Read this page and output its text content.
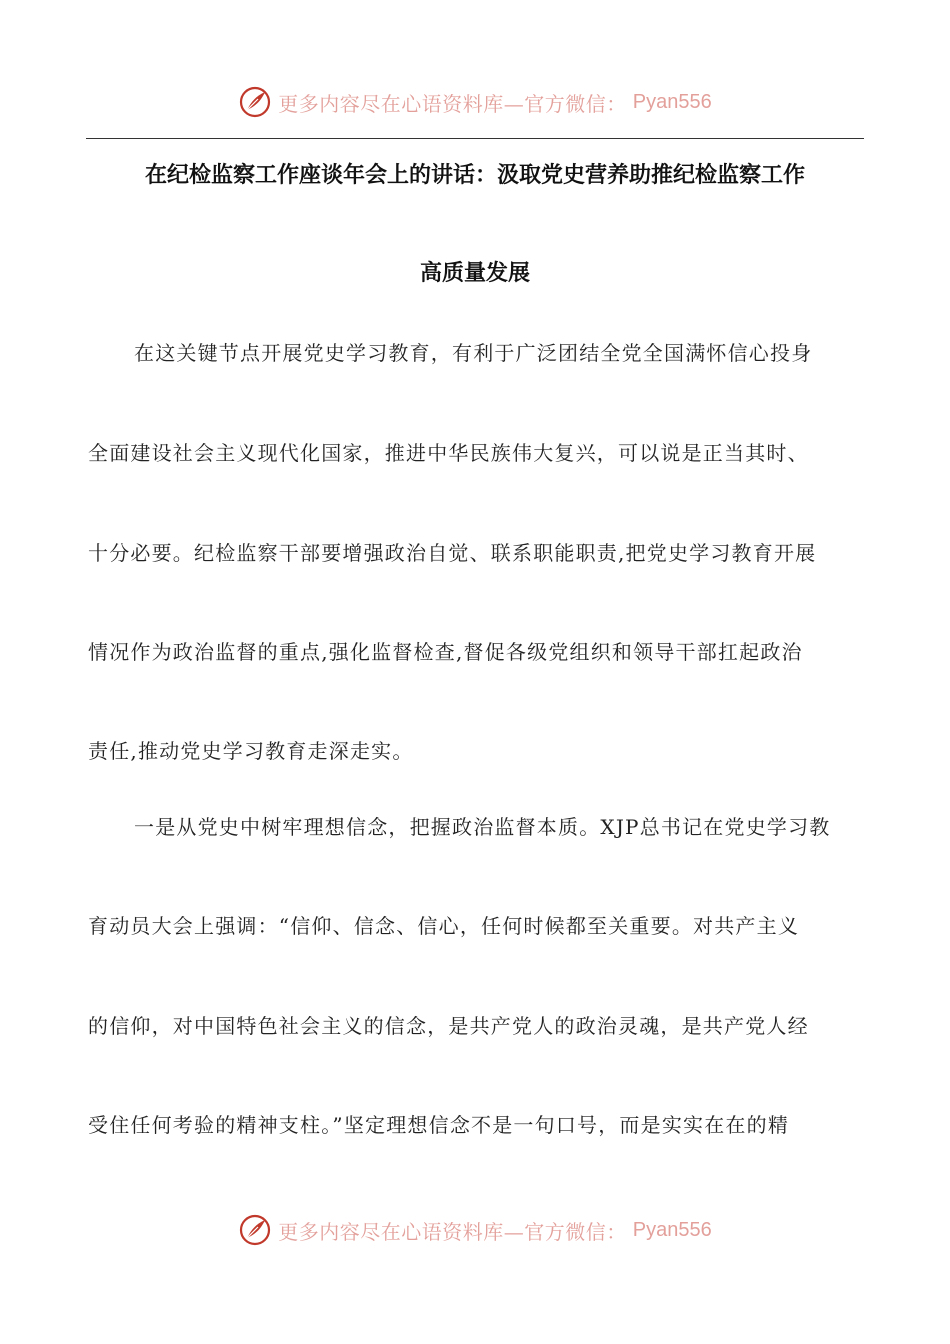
更多内容尽在心语资料库—官方微信： Pyan556
在纪检监察工作座谈年会上的讲话：汲取党史营养助推纪检监察工作
高质量发展

在这关键节点开展党史学习教育，有利于广泛团结全党全国满怀信心投身

全面建设社会主义现代化国家，推进中华民族伟大复兴，可以说是正当其时、

十分必要。纪检监察干部要增强政治自觉、联系职能职责,把党史学习教育开展

情况作为政治监督的重点,强化监督检查,督促各级党组织和领导干部扛起政治

责任,推动党史学习教育走深走实。

一是从党史中树牢理想信念，把握政治监督本质。XJP总书记在党史学习教

育动员大会上强调：“信仰、信念、信心，任何时候都至关重要。对共产主义

的信仰，对中国特色社会主义的信念，是共产党人的政治灵魂，是共产党人经

受住任何考验的精神支柱。”坚定理想信念不是一句口号，而是实实在在的精

更多内容尽在心语资料库—官方微信： Pyan556
